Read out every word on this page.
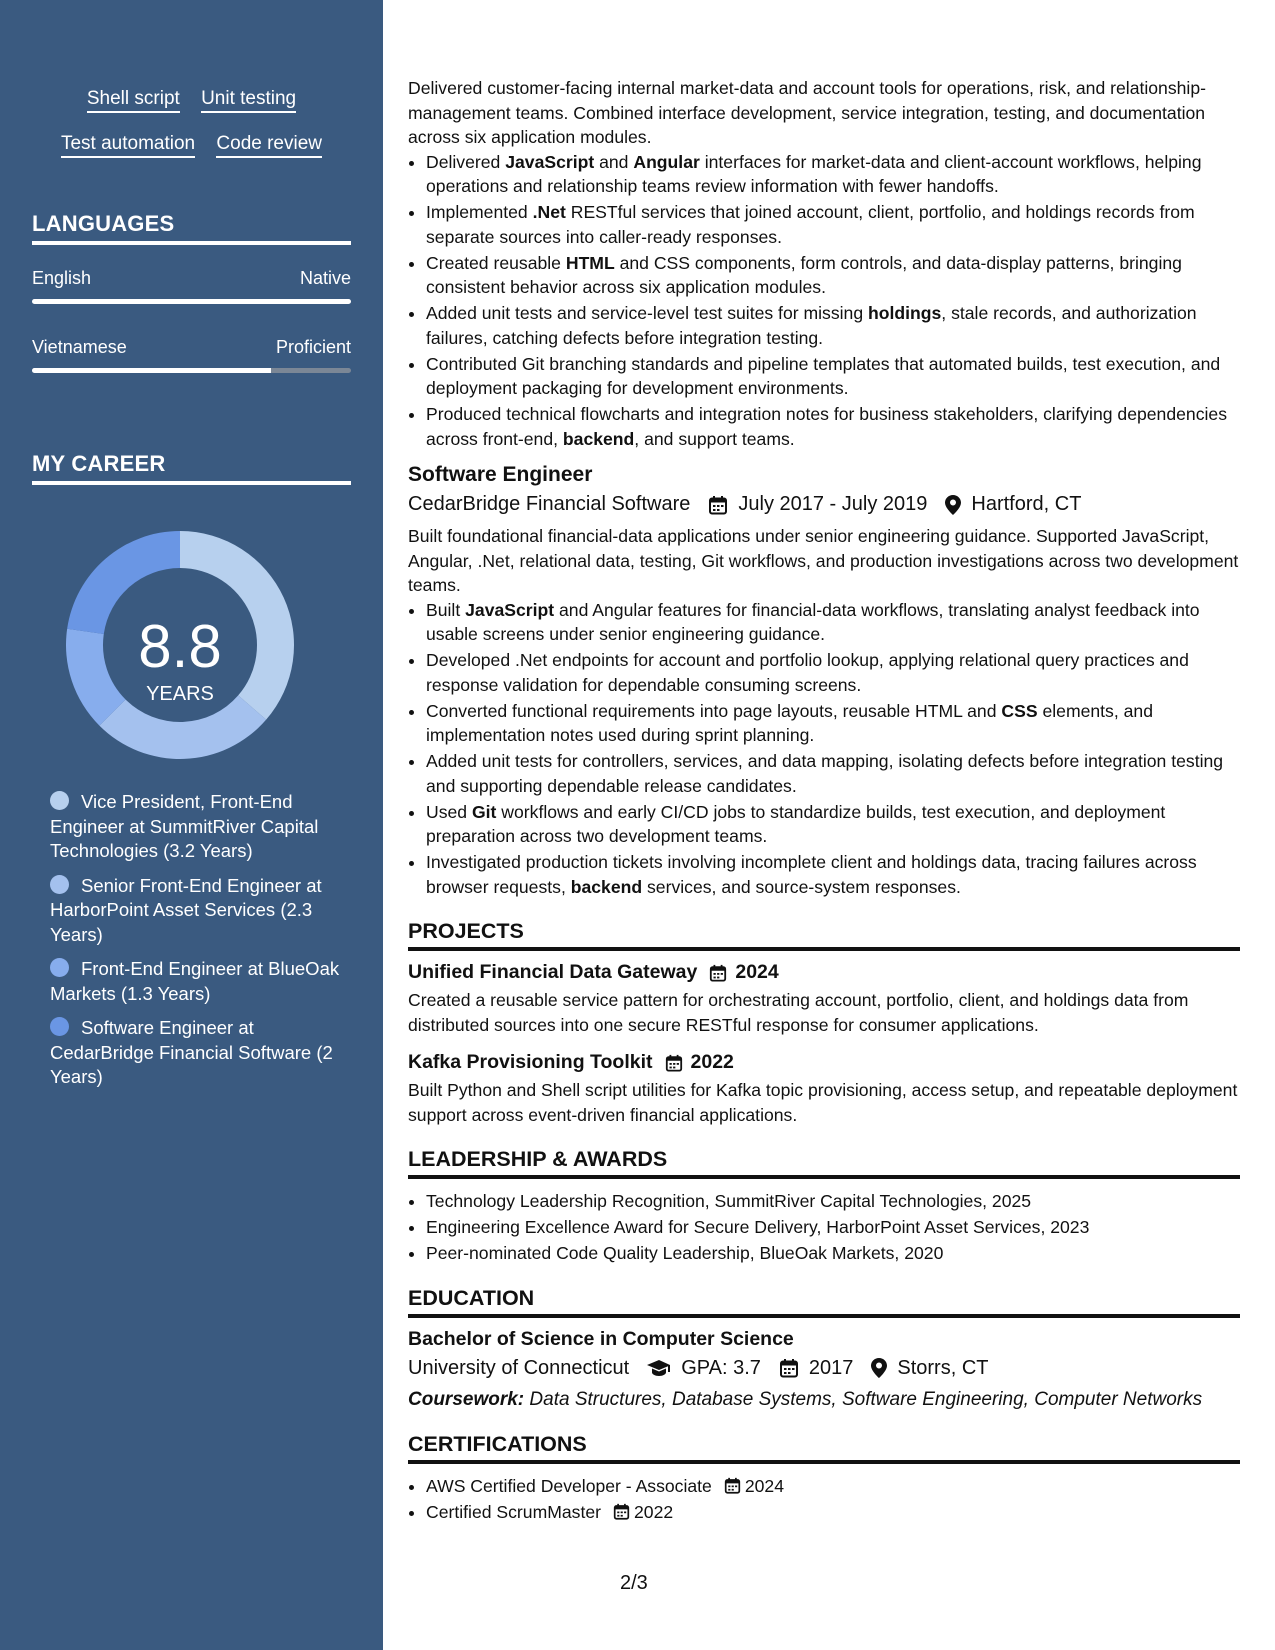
Shell script Unit testing
Test automation Code review
LANGUAGES
English	Native
Vietnamese	Proficient
MY CAREER
8.8
YEARS
Vice President, Front-End Engineer at SummitRiver Capital Technologies (3.2 Years)
Senior Front-End Engineer at HarborPoint Asset Services (2.3 Years)
Front-End Engineer at BlueOak Markets (1.3 Years)
Software Engineer at CedarBridge Financial Software (2 Years)

Delivered customer-facing internal market-data and account tools for operations, risk, and relationship-management teams. Combined interface development, service integration, testing, and documentation across six application modules.

• Delivered JavaScript and Angular interfaces for market-data and client-account workflows, helping operations and relationship teams review information with fewer handoffs.
• Implemented .Net RESTful services that joined account, client, portfolio, and holdings records from separate sources into caller-ready responses.
• Created reusable HTML and CSS components, form controls, and data-display patterns, bringing consistent behavior across six application modules.
• Added unit tests and service-level test suites for missing holdings, stale records, and authorization failures, catching defects before integration testing.
• Contributed Git branching standards and pipeline templates that automated builds, test execution, and deployment packaging for development environments.
• Produced technical flowcharts and integration notes for business stakeholders, clarifying dependencies across front-end, backend, and support teams.
Software Engineer
CedarBridge Financial Software July 2017 - July 2019 Hartford, CT

Built foundational financial-data applications under senior engineering guidance. Supported JavaScript, Angular, .Net, relational data, testing, Git workflows, and production investigations across two development teams.

• Built JavaScript and Angular features for financial-data workflows, translating analyst feedback into usable screens under senior engineering guidance.
• Developed .Net endpoints for account and portfolio lookup, applying relational query practices and response validation for dependable consuming screens.
• Converted functional requirements into page layouts, reusable HTML and CSS elements, and implementation notes used during sprint planning.
• Added unit tests for controllers, services, and data mapping, isolating defects before integration testing and supporting dependable release candidates.
• Used Git workflows and early CI/CD jobs to standardize builds, test execution, and deployment preparation across two development teams.
• Investigated production tickets involving incomplete client and holdings data, tracing failures across browser requests, backend services, and source-system responses.
PROJECTS
Unified Financial Data Gateway 2024

Created a reusable service pattern for orchestrating account, portfolio, client, and holdings data from distributed sources into one secure RESTful response for consumer applications.

Kafka Provisioning Toolkit 2022

Built Python and Shell script utilities for Kafka topic provisioning, access setup, and repeatable deployment support across event-driven financial applications.

LEADERSHIP & AWARDS
• Technology Leadership Recognition, SummitRiver Capital Technologies, 2025
• Engineering Excellence Award for Secure Delivery, HarborPoint Asset Services, 2023
• Peer-nominated Code Quality Leadership, BlueOak Markets, 2020
EDUCATION
Bachelor of Science in Computer Science
University of Connecticut	GPA: 3.7 2017 Storrs, CT

Coursework: Data Structures, Database Systems, Software Engineering, Computer Networks

CERTIFICATIONS
• AWS Certified Developer - Associate 2024
• Certified ScrumMaster 2022
2/3
